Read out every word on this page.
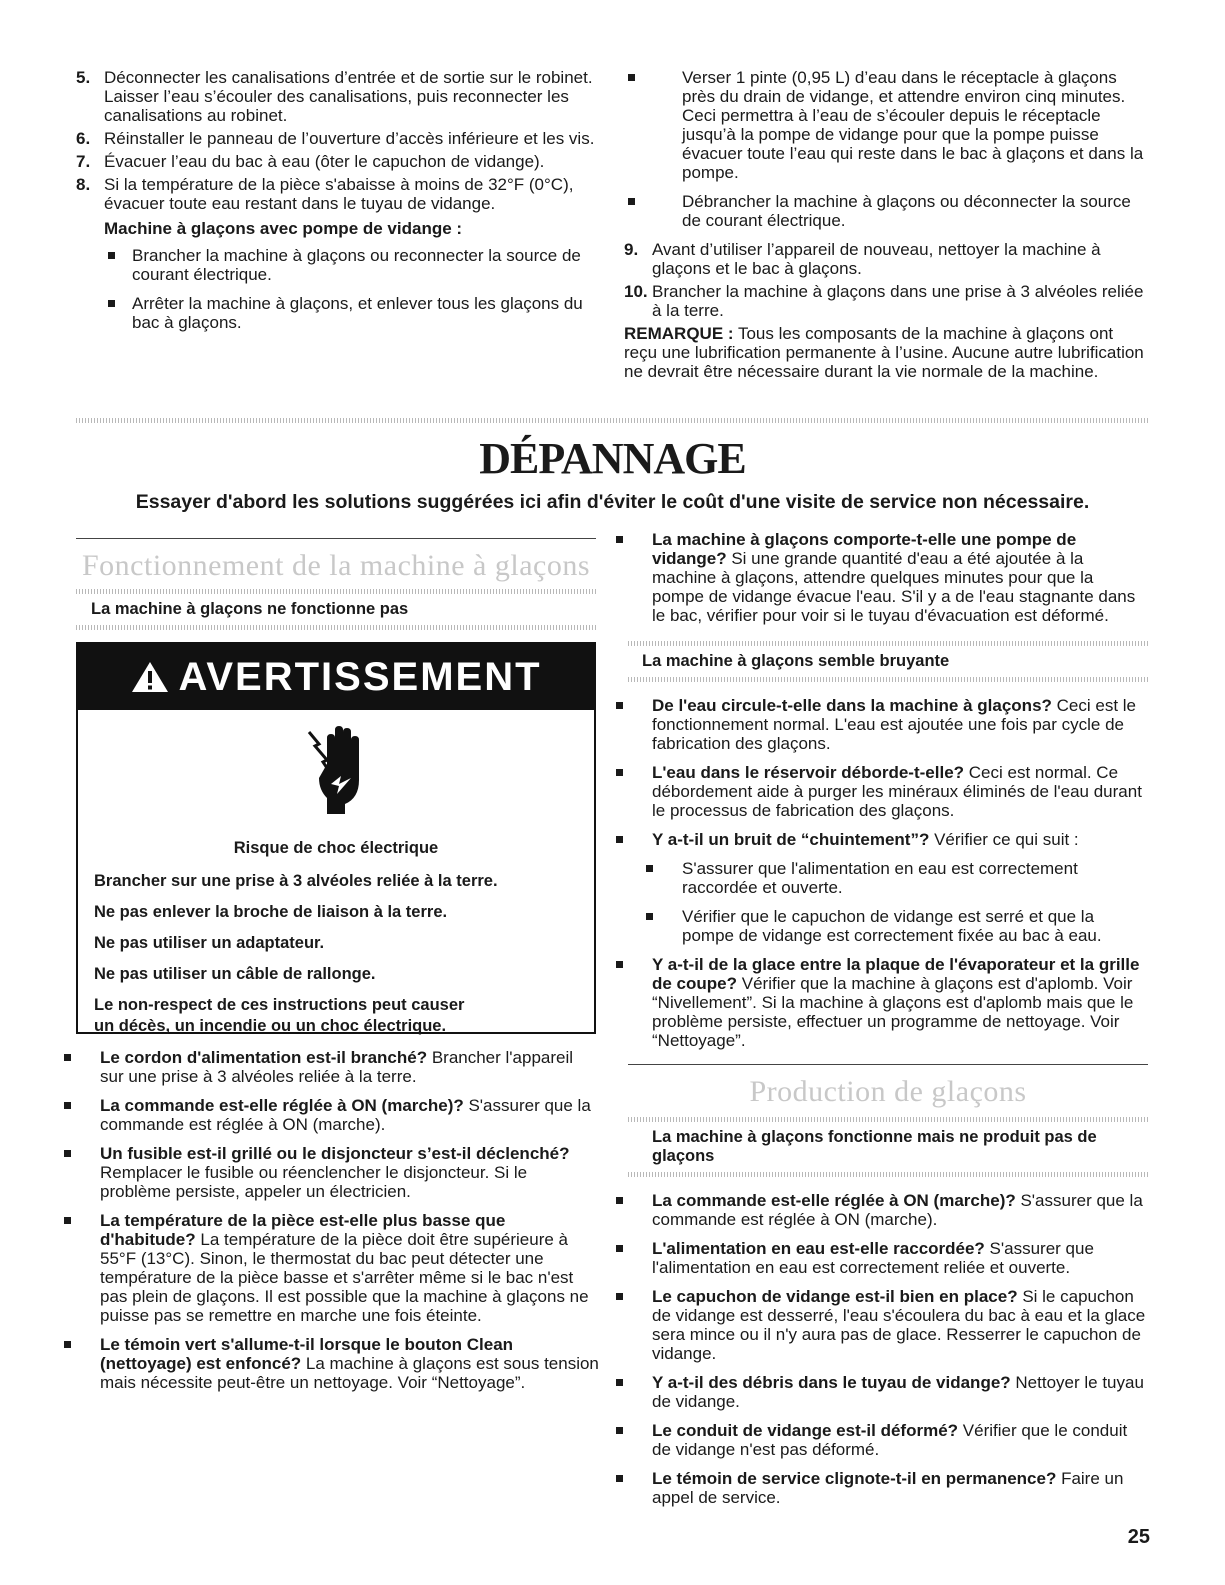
5. Déconnecter les canalisations d’entrée et de sortie sur le robinet. Laisser l’eau s’écouler des canalisations, puis reconnecter les canalisations au robinet.
6. Réinstaller le panneau de l’ouverture d’accès inférieure et les vis.
7. Évacuer l’eau du bac à eau (ôter le capuchon de vidange).
8. Si la température de la pièce s'abaisse à moins de 32°F (0°C), évacuer toute eau restant dans le tuyau de vidange.

Machine à glaçons avec pompe de vidange :

Brancher la machine à glaçons ou reconnecter la source de courant électrique.

Arrêter la machine à glaçons, et enlever tous les glaçons du bac à glaçons.

Verser 1 pinte (0,95 L) d’eau dans le réceptacle à glaçons près du drain de vidange, et attendre environ cinq minutes. Ceci permettra à l’eau de s’écouler depuis le réceptacle jusqu’à la pompe de vidange pour que la pompe puisse évacuer toute l’eau qui reste dans le bac à glaçons et dans la pompe.

Débrancher la machine à glaçons ou déconnecter la source de courant électrique.

9. Avant d’utiliser l’appareil de nouveau, nettoyer la machine à glaçons et le bac à glaçons.
10. Brancher la machine à glaçons dans une prise à 3 alvéoles reliée à la terre.

REMARQUE : Tous les composants de la machine à glaçons ont reçu une lubrification permanente à l’usine. Aucune autre lubrification ne devrait être nécessaire durant la vie normale de la machine.

DÉPANNAGE
Essayer d'abord les solutions suggérées ici afin d'éviter le coût d'une visite de service non nécessaire.
Fonctionnement de la machine à glaçons
La machine à glaçons ne fonctionne pas
AVERTISSEMENT

Risque de choc électrique

Brancher sur une prise à 3 alvéoles reliée à la terre.

Ne pas enlever la broche de liaison à la terre.

Ne pas utiliser un adaptateur.

Ne pas utiliser un câble de rallonge.

Le non-respect de ces instructions peut causer

un décès, un incendie ou un choc électrique.

Le cordon d'alimentation est-il branché? Brancher l'appareil sur une prise à 3 alvéoles reliée à la terre.

La commande est-elle réglée à ON (marche)? S'assurer que la commande est réglée à ON (marche).

Un fusible est-il grillé ou le disjoncteur s’est-il déclenché? Remplacer le fusible ou réenclencher le disjoncteur. Si le problème persiste, appeler un électricien.

La température de la pièce est-elle plus basse que d'habitude? La température de la pièce doit être supérieure à 55°F (13°C). Sinon, le thermostat du bac peut détecter une température de la pièce basse et s'arrêter même si le bac n'est pas plein de glaçons. Il est possible que la machine à glaçons ne puisse pas se remettre en marche une fois éteinte.

Le témoin vert s'allume-t-il lorsque le bouton Clean (nettoyage) est enfoncé? La machine à glaçons est sous tension mais nécessite peut-être un nettoyage. Voir “Nettoyage”.

La machine à glaçons comporte-t-elle une pompe de vidange? Si une grande quantité d'eau a été ajoutée à la machine à glaçons, attendre quelques minutes pour que la pompe de vidange évacue l'eau. S'il y a de l'eau stagnante dans le bac, vérifier pour voir si le tuyau d'évacuation est déformé.

La machine à glaçons semble bruyante

De l'eau circule-t-elle dans la machine à glaçons? Ceci est le fonctionnement normal. L'eau est ajoutée une fois par cycle de fabrication des glaçons.

L'eau dans le réservoir déborde-t-elle? Ceci est normal. Ce débordement aide à purger les minéraux éliminés de l'eau durant le processus de fabrication des glaçons.

Y a-t-il un bruit de “chuintement”? Vérifier ce qui suit :

S'assurer que l'alimentation en eau est correctement raccordée et ouverte.

Vérifier que le capuchon de vidange est serré et que la pompe de vidange est correctement fixée au bac à eau.

Y a-t-il de la glace entre la plaque de l'évaporateur et la grille de coupe? Vérifier que la machine à glaçons est d'aplomb. Voir “Nivellement”. Si la machine à glaçons est d'aplomb mais que le problème persiste, effectuer un programme de nettoyage. Voir “Nettoyage”.

Production de glaçons
La machine à glaçons fonctionne mais ne produit pas de glaçons

La commande est-elle réglée à ON (marche)? S'assurer que la commande est réglée à ON (marche).

L'alimentation en eau est-elle raccordée? S'assurer que l'alimentation en eau est correctement reliée et ouverte.

Le capuchon de vidange est-il bien en place? Si le capuchon de vidange est desserré, l'eau s'écoulera du bac à eau et la glace sera mince ou il n'y aura pas de glace. Resserrer le capuchon de vidange.

Y a-t-il des débris dans le tuyau de vidange? Nettoyer le tuyau de vidange.

Le conduit de vidange est-il déformé? Vérifier que le conduit de vidange n'est pas déformé.

Le témoin de service clignote-t-il en permanence? Faire un appel de service.

25
